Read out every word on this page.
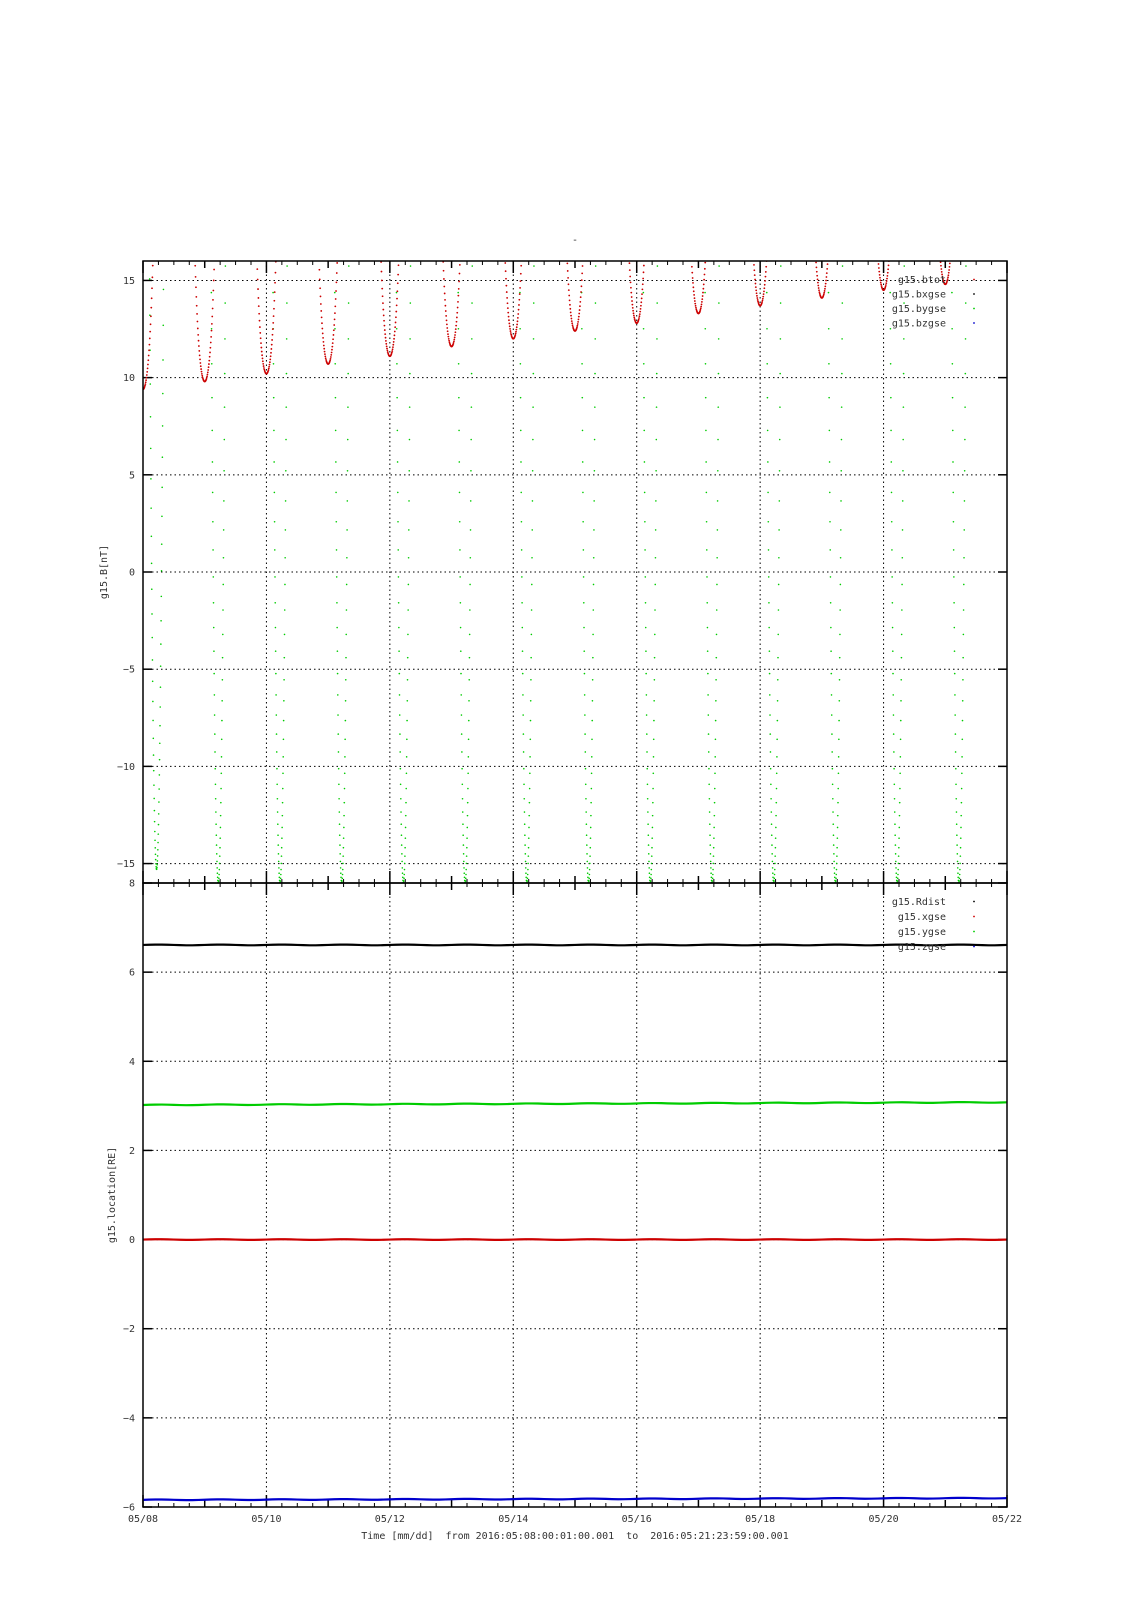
-
−15
−10
−5
0
5
10
15	g15.btot
g15.bxgse
g15.bygse
g15.bzgse
g15.B[nT]
−6
−4
−2
0
2
4
6
8
05/08	05/10	05/12	05/14	05/16	05/18	05/20	05/22
g15.Rdist
g15.xgse
g15.ygse
g15.zgse
g15.location[RE]
Time [mm/dd]  from 2016:05:08:00:01:00.001  to  2016:05:21:23:59:00.001
